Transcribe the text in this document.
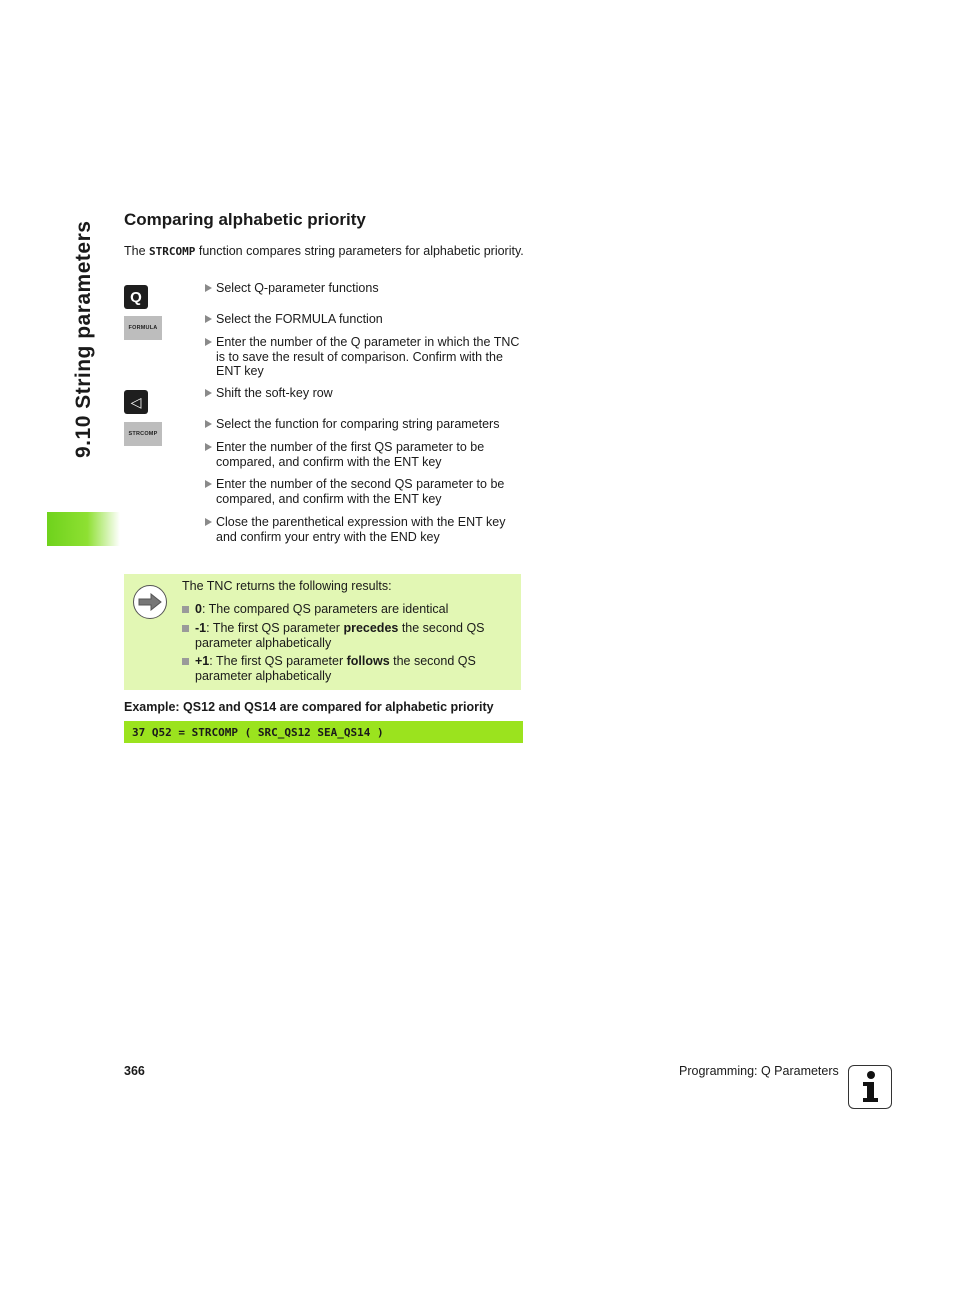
9.10 String parameters
Comparing alphabetic priority
The STRCOMP function compares string parameters for alphabetic priority.
Q
FORMULA
◁
STRCOMP
Select Q-parameter functions
Select the FORMULA function
Enter the number of the Q parameter in which the TNC is to save the result of comparison. Confirm with the ENT key
Shift the soft-key row
Select the function for comparing string parameters
Enter the number of the first QS parameter to be compared, and confirm with the ENT key
Enter the number of the second QS parameter to be compared, and confirm with the ENT key
Close the parenthetical expression with the ENT key and confirm your entry with the END key
The TNC returns the following results:
0: The compared QS parameters are identical
-1: The first QS parameter precedes the second QS parameter alphabetically
+1: The first QS parameter follows the second QS parameter alphabetically
Example: QS12 and QS14 are compared for alphabetic priority
37 Q52 = STRCOMP ( SRC_QS12 SEA_QS14 )
366	Programming: Q Parameters
